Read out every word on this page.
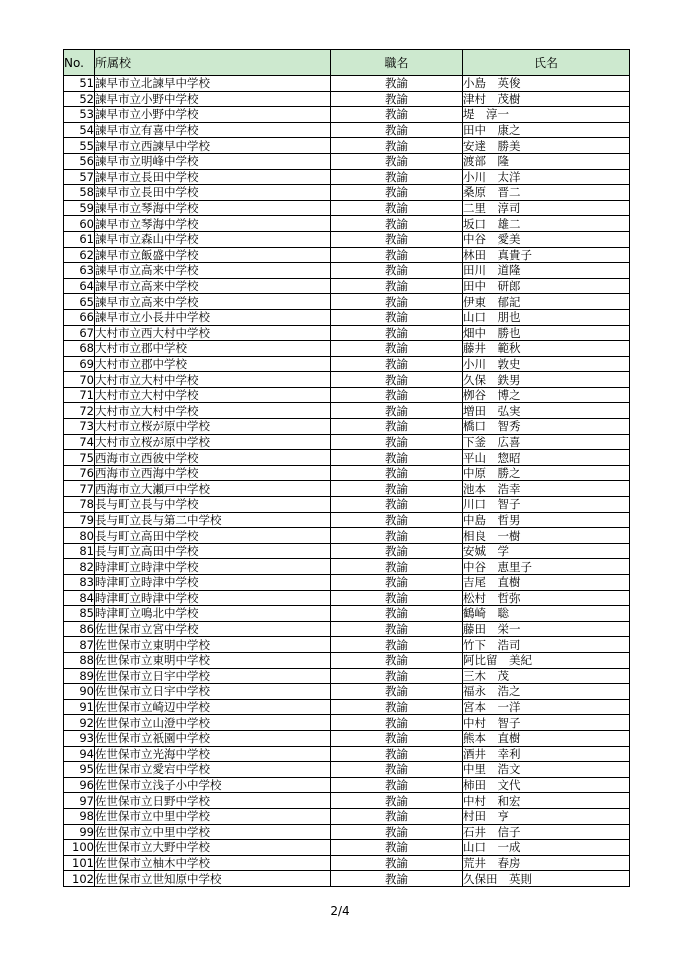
No.	所属校	職名	氏名
51	諫早市立北諫早中学校	教諭	小島　英俊
52	諫早市立小野中学校	教諭	津村　茂樹
53	諫早市立小野中学校	教諭	堤　淳一
54	諫早市立有喜中学校	教諭	田中　康之
55	諫早市立西諫早中学校	教諭	安達　勝美
56	諫早市立明峰中学校	教諭	渡部　隆
57	諫早市立長田中学校	教諭	小川　太洋
58	諫早市立長田中学校	教諭	桑原　晋二
59	諫早市立琴海中学校	教諭	二里　淳司
60	諫早市立琴海中学校	教諭	坂口　雄二
61	諫早市立森山中学校	教諭	中谷　愛美
62	諫早市立飯盛中学校	教諭	林田　真貴子
63	諫早市立高来中学校	教諭	田川　道隆
64	諫早市立高来中学校	教諭	田中　研郎
65	諫早市立高来中学校	教諭	伊東　郁記
66	諫早市立小長井中学校	教諭	山口　朋也
67	大村市立西大村中学校	教諭	畑中　勝也
68	大村市立郡中学校	教諭	藤井　範秋
69	大村市立郡中学校	教諭	小川　敦史
70	大村市立大村中学校	教諭	久保　鉄男
71	大村市立大村中学校	教諭	栁谷　博之
72	大村市立大村中学校	教諭	増田　弘実
73	大村市立桜が原中学校	教諭	橋口　智秀
74	大村市立桜が原中学校	教諭	下釜　広喜
75	西海市立西彼中学校	教諭	平山　惣昭
76	西海市立西海中学校	教諭	中原　勝之
77	西海市立大瀬戸中学校	教諭	池本　浩幸
78	長与町立長与中学校	教諭	川口　智子
79	長与町立長与第二中学校	教諭	中島　哲男
80	長与町立高田中学校	教諭	相良　一樹
81	長与町立高田中学校	教諭	安娍　学
82	時津町立時津中学校	教諭	中谷　恵里子
83	時津町立時津中学校	教諭	吉尾　直樹
84	時津町立時津中学校	教諭	松村　哲弥
85	時津町立鳴北中学校	教諭	鶴崎　聡
86	佐世保市立宮中学校	教諭	藤田　栄一
87	佐世保市立東明中学校	教諭	竹下　浩司
88	佐世保市立東明中学校	教諭	阿比留　美紀
89	佐世保市立日宇中学校	教諭	三木　茂
90	佐世保市立日宇中学校	教諭	福永　浩之
91	佐世保市立崎辺中学校	教諭	宮本　一洋
92	佐世保市立山澄中学校	教諭	中村　智子
93	佐世保市立祇園中学校	教諭	熊本　直樹
94	佐世保市立光海中学校	教諭	酒井　幸利
95	佐世保市立愛宕中学校	教諭	中里　浩文
96	佐世保市立浅子小中学校	教諭	柿田　文代
97	佐世保市立日野中学校	教諭	中村　和宏
98	佐世保市立中里中学校	教諭	村田　亨
99	佐世保市立中里中学校	教諭	石井　信子
100	佐世保市立大野中学校	教諭	山口　一成
101	佐世保市立柚木中学校	教諭	荒井　春房
102	佐世保市立世知原中学校	教諭	久保田　英則
2/4
